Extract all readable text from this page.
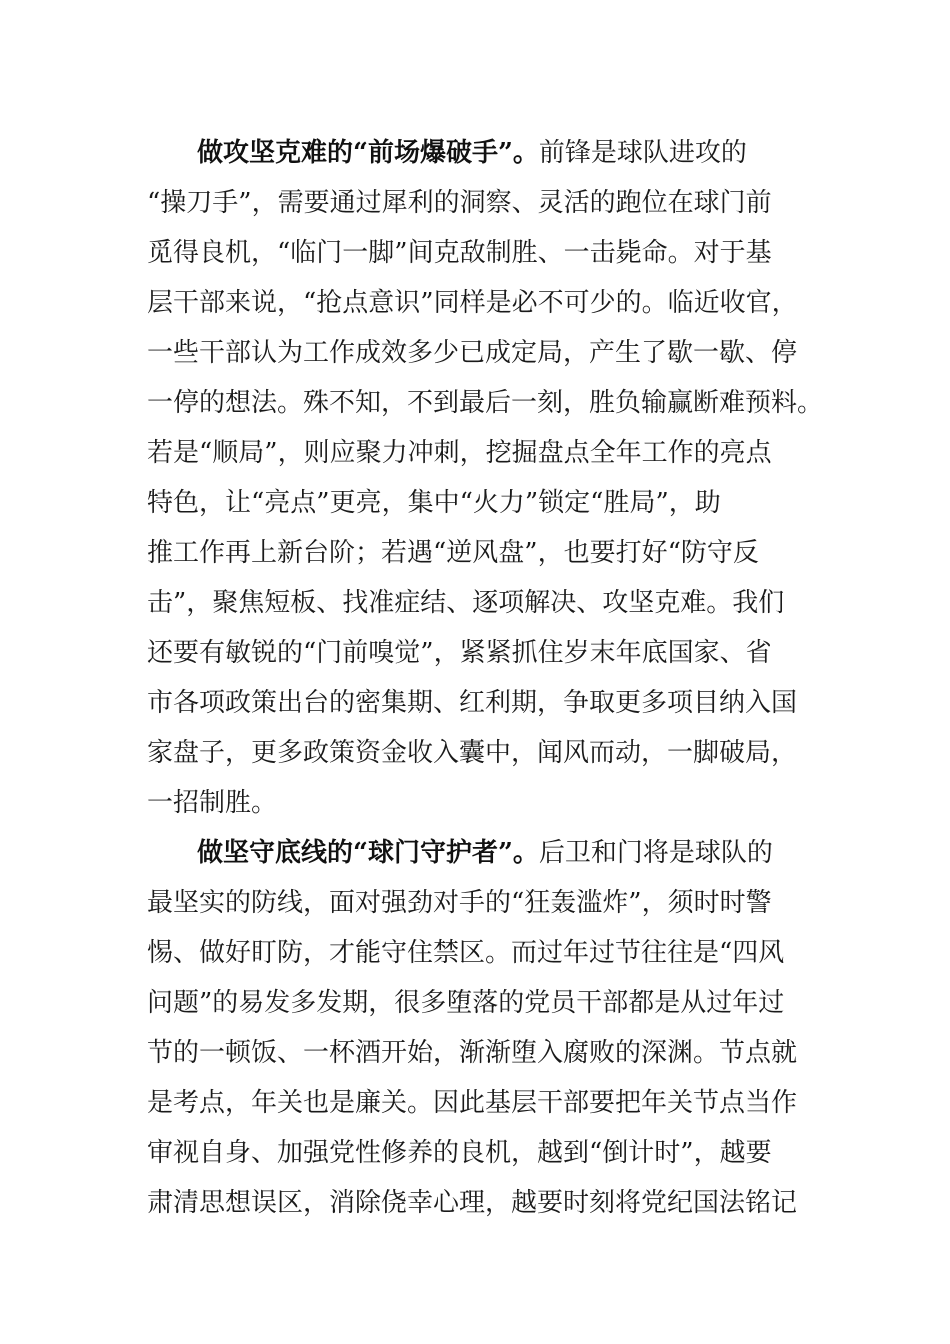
做攻坚克难的“前场爆破手”。前锋是球队进攻的
“操刀手”，需要通过犀利的洞察、灵活的跑位在球门前
觅得良机，“临门一脚”间克敌制胜、一击毙命。对于基
层干部来说，“抢点意识”同样是必不可少的。临近收官，
一些干部认为工作成效多少已成定局，产生了歇一歇、停
一停的想法。殊不知，不到最后一刻，胜负输赢断难预料。
若是“顺局”，则应聚力冲刺，挖掘盘点全年工作的亮点
特色，让“亮点”更亮，集中“火力”锁定“胜局”，助
推工作再上新台阶；若遇“逆风盘”，也要打好“防守反
击”，聚焦短板、找准症结、逐项解决、攻坚克难。我们
还要有敏锐的“门前嗅觉”，紧紧抓住岁末年底国家、省
市各项政策出台的密集期、红利期，争取更多项目纳入国
家盘子，更多政策资金收入囊中，闻风而动，一脚破局，
一招制胜。
做坚守底线的“球门守护者”。后卫和门将是球队的
最坚实的防线，面对强劲对手的“狂轰滥炸”，须时时警
惕、做好盯防，才能守住禁区。而过年过节往往是“四风
问题”的易发多发期，很多堕落的党员干部都是从过年过
节的一顿饭、一杯酒开始，渐渐堕入腐败的深渊。节点就
是考点，年关也是廉关。因此基层干部要把年关节点当作
审视自身、加强党性修养的良机，越到“倒计时”，越要
肃清思想误区，消除侥幸心理，越要时刻将党纪国法铭记
